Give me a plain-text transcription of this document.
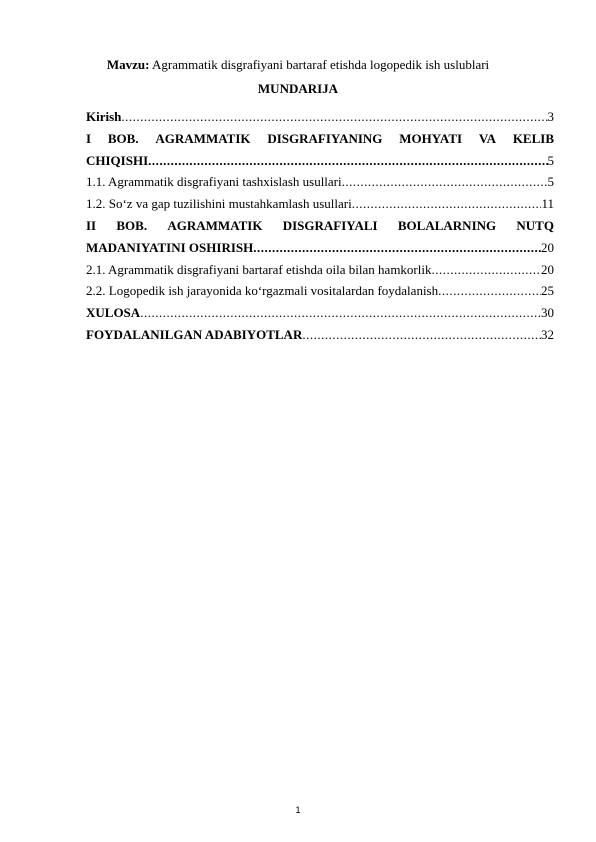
Mavzu: Agrammatik disgrafiyani bartaraf etishda logopedik ish uslublari
MUNDARIJA
Kirish .....	3
I BOB. AGRAMMATIK DISGRAFIYANING MOHYATI VA KELIB
CHIQISHI .....	5
1.1. Agrammatik disgrafiyani tashxislash usullari .....	5
1.2. So‘z va gap tuzilishini mustahkamlash usullari .....	11
II BOB. AGRAMMATIK DISGRAFIYALI BOLALARNING NUTQ
MADANIYATINI OSHIRISH .....	20
2.1. Agrammatik disgrafiyani bartaraf etishda oila bilan hamkorlik .....	20
2.2. Logopedik ish jarayonida ko‘rgazmali vositalardan foydalanish .....	25
XULOSA .....	30
FOYDALANILGAN ADABIYOTLAR .....	32
1
